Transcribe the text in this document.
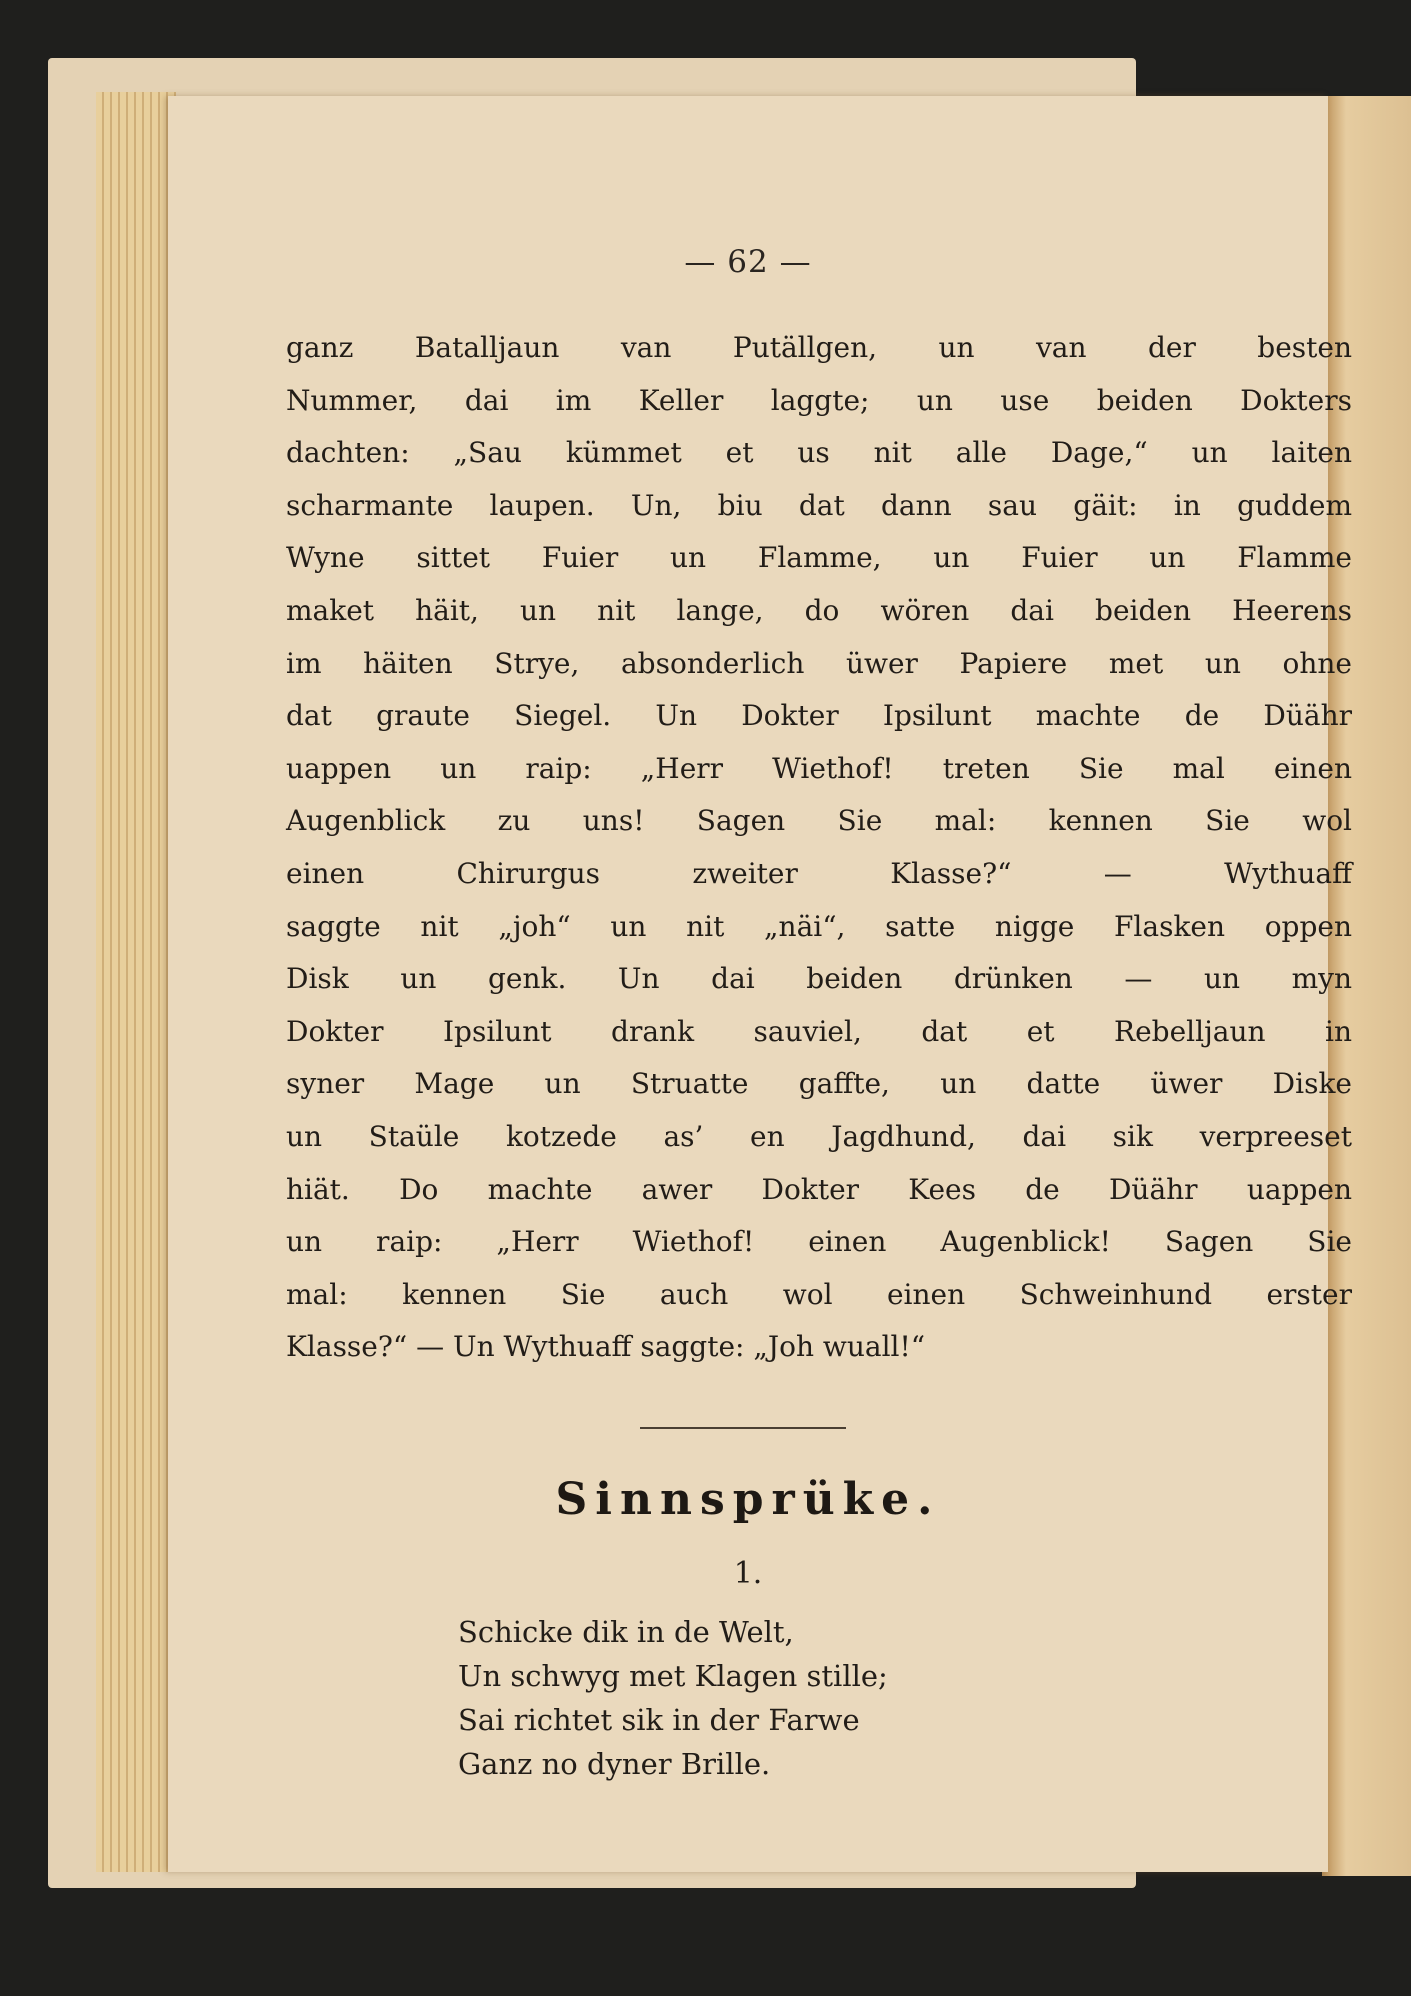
— 62 —
ganz Batalljaun van Putällgen, un van der besten
Nummer, dai im Keller laggte; un use beiden Dokters
dachten: „Sau kümmet et us nit alle Dage,“ un laiten
scharmante laupen. Un, biu dat dann sau gäit: in guddem
Wyne sittet Fuier un Flamme, un Fuier un Flamme
maket häit, un nit lange, do wören dai beiden Heerens
im häiten Strye, absonderlich üwer Papiere met un ohne
dat graute Siegel. Un Dokter Ipsilunt machte de Düähr
uappen un raip: „Herr Wiethof! treten Sie mal einen
Augenblick zu uns! Sagen Sie mal: kennen Sie wol
einen Chirurgus zweiter Klasse?“ — Wythuaff
saggte nit „joh“ un nit „näi“, satte nigge Flasken oppen
Disk un genk. Un dai beiden drünken — un myn
Dokter Ipsilunt drank sauviel, dat et Rebelljaun in
syner Mage un Struatte gaffte, un datte üwer Diske
un Staüle kotzede as’ en Jagdhund, dai sik verpreeset
hiät. Do machte awer Dokter Kees de Düähr uappen
un raip: „Herr Wiethof! einen Augenblick! Sagen Sie
mal: kennen Sie auch wol einen Schweinhund erster
Klasse?“ — Un Wythuaff saggte: „Joh wuall!“
Sinnsprüke.
1.
Schicke dik in de Welt,
Un schwyg met Klagen stille;
Sai richtet sik in der Farwe
Ganz no dyner Brille.
